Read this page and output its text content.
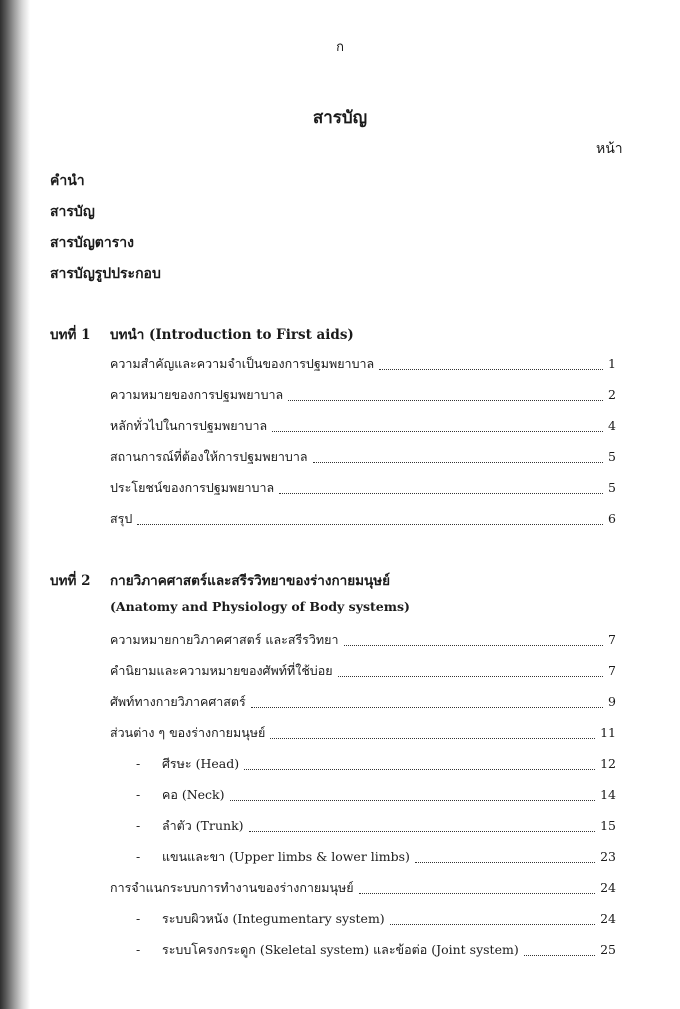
ก
สารบัญ
หน้า
คำนำ
สารบัญ
สารบัญตาราง
สารบัญรูปประกอบ
บทที่ 1 บทนำ (Introduction to First aids)
ความสำคัญและความจำเป็นของการปฐมพยาบาล	1
ความหมายของการปฐมพยาบาล	2
หลักทั่วไปในการปฐมพยาบาล	4
สถานการณ์ที่ต้องให้การปฐมพยาบาล	5
ประโยชน์ของการปฐมพยาบาล	5
สรุป	6
บทที่ 2 กายวิภาคศาสตร์และสรีรวิทยาของร่างกายมนุษย์
(Anatomy and Physiology of Body systems)
ความหมายกายวิภาคศาสตร์ และสรีรวิทยา	7
คำนิยามและความหมายของศัพท์ที่ใช้บ่อย	7
ศัพท์ทางกายวิภาคศาสตร์	9
ส่วนต่าง ๆ ของร่างกายมนุษย์	11
-	ศีรษะ (Head)	12
-	คอ (Neck)	14
-	ลำตัว (Trunk)	15
-	แขนและขา (Upper limbs & lower limbs)	23
การจำแนกระบบการทำงานของร่างกายมนุษย์	24
-	ระบบผิวหนัง (Integumentary system)	24
-	ระบบโครงกระดูก (Skeletal system) และข้อต่อ (Joint system)	25
